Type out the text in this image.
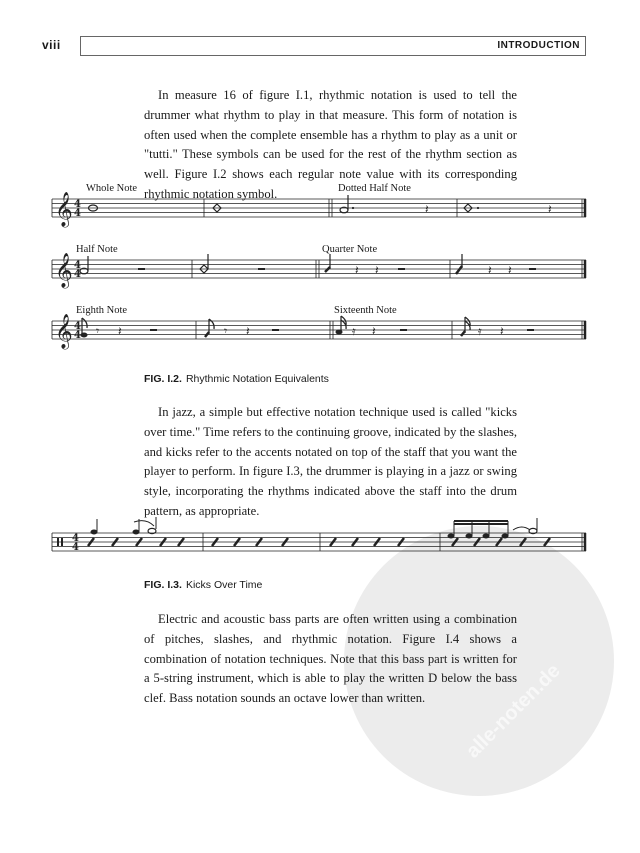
alle-noten.de
viii	INTRODUCTION

In measure 16 of figure I.1, rhythmic notation is used to tell the drummer what rhythm to play in that measure. This form of notation is often used when the complete ensemble has a rhythm to play as a unit or "tutti." These symbols can be used for the rest of the rhythm section as well. Figure I.2 shows each regular note value with its corresponding rhythmic notation symbol.

Whole Note	Dotted Half Note
Half Note	Quarter Note
Eighth Note	Sixteenth Note
𝄞
𝄞
𝄞
4
4
4
4
4
4
𝄽	𝄽
𝄽 𝄽	𝄽 𝄽
𝄾 𝄽	𝄾 𝄽	𝄿 𝄽	𝄿 𝄽
FIG. I.2. Rhythmic Notation Equivalents

In jazz, a simple but effective notation technique used is called "kicks over time." Time refers to the continuing groove, indicated by the slashes, and kicks refer to the accents notated on top of the staff that you want the player to perform. In figure I.3, the drummer is playing in a jazz or swing style, incorporating the rhythms indicated above the staff into the drum pattern, as appropriate.

4
4
FIG. I.3. Kicks Over Time

Electric and acoustic bass parts are often written using a combination of pitches, slashes, and rhythmic notation. Figure I.4 shows a combination of notation techniques. Note that this bass part is written for a 5-string instrument, which is able to play the written D below the bass clef. Bass notation sounds an octave lower than written.
